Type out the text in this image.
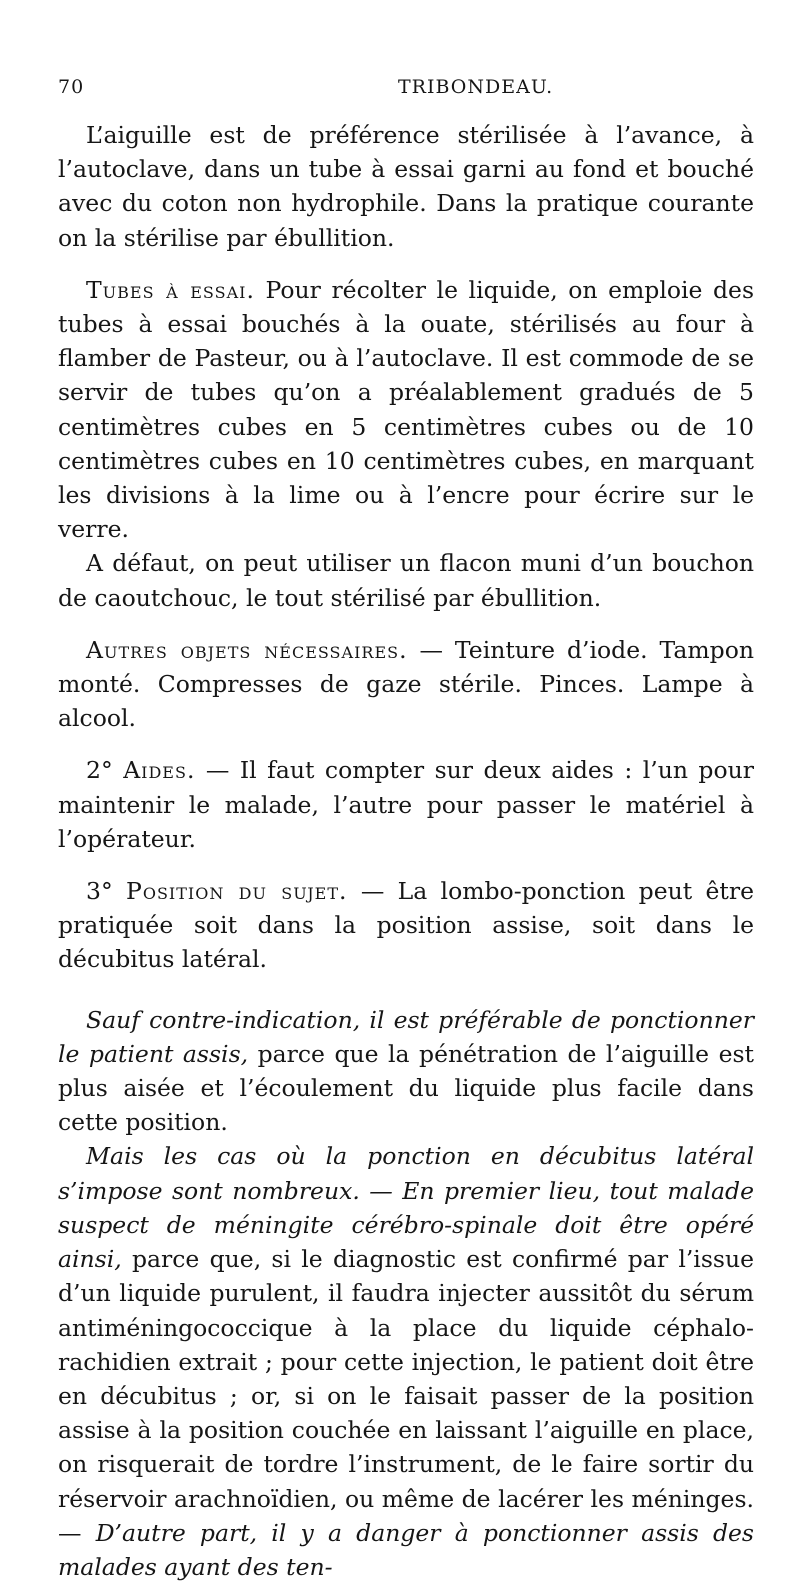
70	TRIBONDEAU.

L’aiguille est de préférence stérilisée à l’avance, à l’autoclave, dans un tube à essai garni au fond et bouché avec du coton non hydrophile. Dans la pratique courante on la stérilise par ébullition.

Tubes à essai. Pour récolter le liquide, on emploie des tubes à essai bouchés à la ouate, stérilisés au four à flamber de Pasteur, ou à l’autoclave. Il est commode de se servir de tubes qu’on a préalablement gradués de 5 centimètres cubes en 5 centimètres cubes ou de 10 centimètres cubes en 10 centimètres cubes, en marquant les divisions à la lime ou à l’encre pour écrire sur le verre.

A défaut, on peut utiliser un flacon muni d’un bouchon de caoutchouc, le tout stérilisé par ébullition.

Autres objets nécessaires. — Teinture d’iode. Tampon monté. Compresses de gaze stérile. Pinces. Lampe à alcool.

2° Aides. — Il faut compter sur deux aides : l’un pour maintenir le malade, l’autre pour passer le matériel à l’opérateur.

3° Position du sujet. — La lombo-ponction peut être pratiquée soit dans la position assise, soit dans le décubitus latéral.

Sauf contre-indication, il est préférable de ponctionner le patient assis, parce que la pénétration de l’aiguille est plus aisée et l’écoulement du liquide plus facile dans cette position.

Mais les cas où la ponction en décubitus latéral s’impose sont nombreux. — En premier lieu, tout malade suspect de méningite cérébro-spinale doit être opéré ainsi, parce que, si le diagnostic est confirmé par l’issue d’un liquide purulent, il faudra injecter aussitôt du sérum antiméningococcique à la place du liquide céphalo-rachidien extrait ; pour cette injection, le patient doit être en décubitus ; or, si on le faisait passer de la position assise à la position couchée en laissant l’aiguille en place, on risquerait de tordre l’instrument, de le faire sortir du réservoir arachnoïdien, ou même de lacérer les méninges. — D’autre part, il y a danger à ponctionner assis des malades ayant des ten-
